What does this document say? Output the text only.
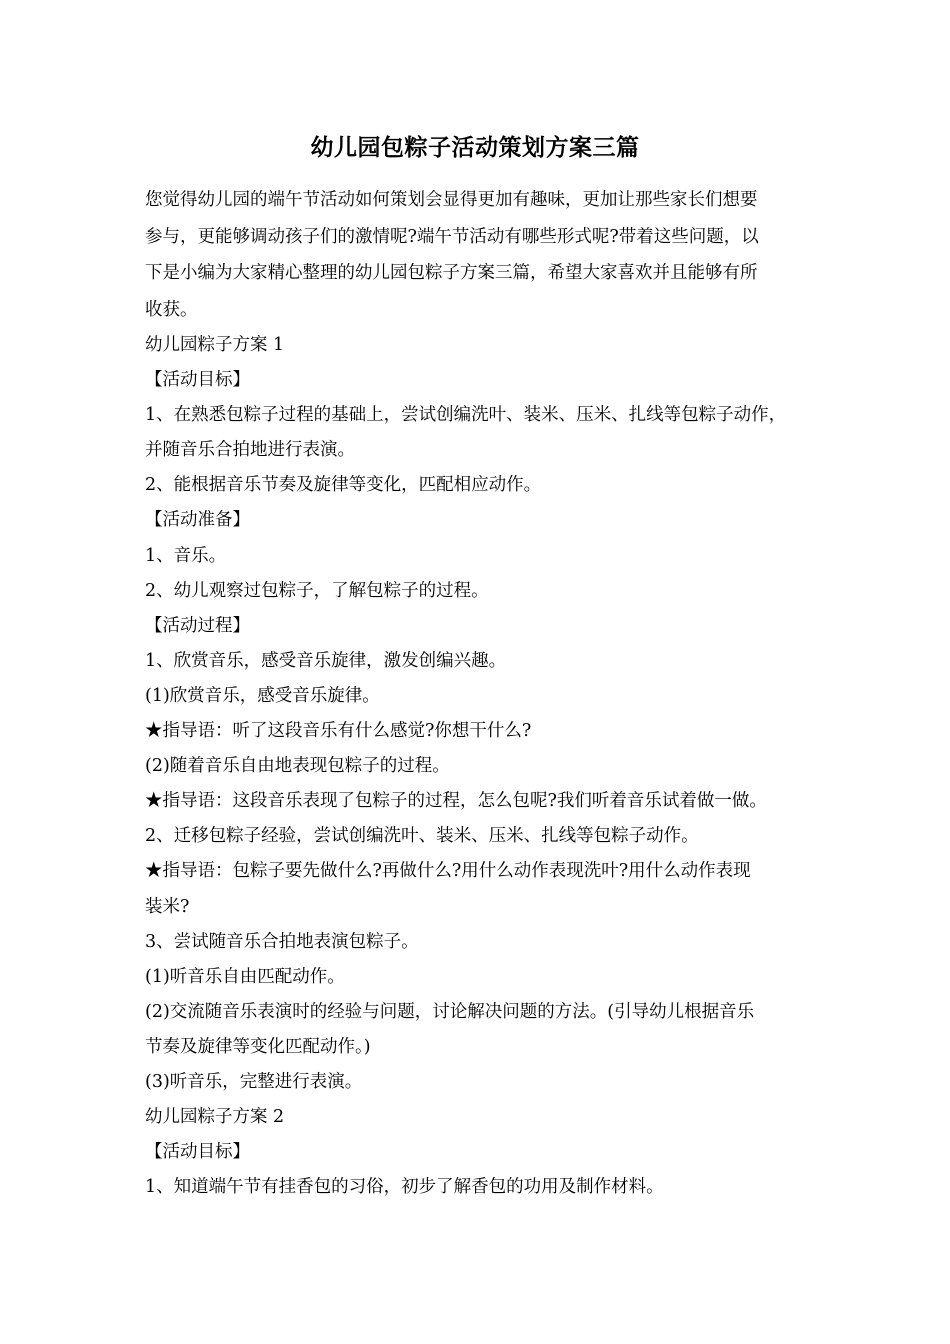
幼儿园包粽子活动策划方案三篇

您觉得幼儿园的端午节活动如何策划会显得更加有趣味，更加让那些家长们想要

参与，更能够调动孩子们的激情呢?端午节活动有哪些形式呢?带着这些问题，以

下是小编为大家精心整理的幼儿园包粽子方案三篇，希望大家喜欢并且能够有所

收获。

幼儿园粽子方案 1

【活动目标】

1、在熟悉包粽子过程的基础上，尝试创编洗叶、装米、压米、扎线等包粽子动作，

并随音乐合拍地进行表演。

2、能根据音乐节奏及旋律等变化，匹配相应动作。

【活动准备】

1、音乐。

2、幼儿观察过包粽子，了解包粽子的过程。

【活动过程】

1、欣赏音乐，感受音乐旋律，激发创编兴趣。

(1)欣赏音乐，感受音乐旋律。

★指导语：听了这段音乐有什么感觉?你想干什么?

(2)随着音乐自由地表现包粽子的过程。

★指导语：这段音乐表现了包粽子的过程，怎么包呢?我们听着音乐试着做一做。

2、迁移包粽子经验，尝试创编洗叶、装米、压米、扎线等包粽子动作。

★指导语：包粽子要先做什么?再做什么?用什么动作表现洗叶?用什么动作表现

装米?

3、尝试随音乐合拍地表演包粽子。

(1)听音乐自由匹配动作。

(2)交流随音乐表演时的经验与问题，讨论解决问题的方法。(引导幼儿根据音乐

节奏及旋律等变化匹配动作。)

(3)听音乐，完整进行表演。

幼儿园粽子方案 2

【活动目标】

1、知道端午节有挂香包的习俗，初步了解香包的功用及制作材料。
